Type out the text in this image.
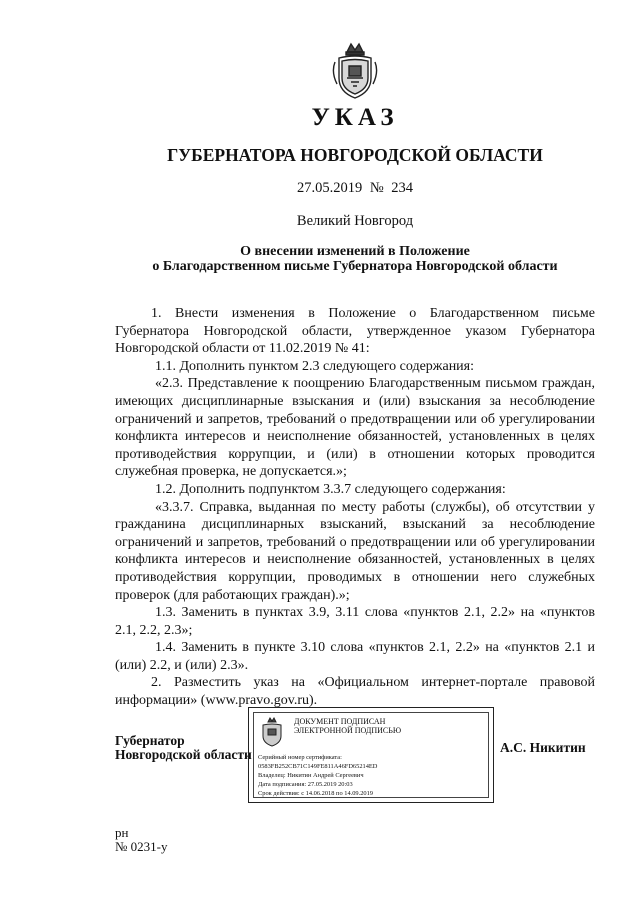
УКАЗ
ГУБЕРНАТОРА НОВГОРОДСКОЙ ОБЛАСТИ
27.05.2019 № 234
Великий Новгород
О внесении изменений в Положение
о Благодарственном письме Губернатора Новгородской области

1. Внести изменения в Положение о Благодарственном письме Губернатора Новгородской области, утвержденное указом Губернатора Новгородской области от 11.02.2019 № 41:

1.1. Дополнить пунктом 2.3 следующего содержания:

«2.3. Представление к поощрению Благодарственным письмом граждан, имеющих дисциплинарные взыскания и (или) взыскания за несоблюдение ограничений и запретов, требований о предотвращении или об урегулировании конфликта интересов и неисполнение обязанностей, установленных в целях противодействия коррупции, и (или) в отношении которых проводится служебная проверка, не допускается.»;

1.2. Дополнить подпунктом 3.3.7 следующего содержания:

«3.3.7. Справка, выданная по месту работы (службы), об отсутствии у гражданина дисциплинарных взысканий, взысканий за несоблюдение ограничений и запретов, требований о предотвращении или об урегулировании конфликта интересов и неисполнение обязанностей, установленных в целях противодействия коррупции, проводимых в отношении него служебных проверок (для работающих граждан).»;

1.3. Заменить в пунктах 3.9, 3.11 слова «пунктов 2.1, 2.2» на «пунктов 2.1, 2.2, 2.3»;

1.4. Заменить в пункте 3.10 слова «пунктов 2.1, 2.2» на «пунктов 2.1 и (или) 2.2, и (или) 2.3».

2. Разместить указ на «Официальном интернет-портале правовой информации» (www.pravo.gov.ru).

Губернатор
Новгородской области
ДОКУМЕНТ ПОДПИСАН
ЭЛЕКТРОННОЙ ПОДПИСЬЮ
Серийный номер сертификата:
0583FB252CB71C149FE811A46FD65214ED
Владелец: Никитин Андрей Сергеевич
Дата подписания: 27.05.2019 20:03
Срок действия: с 14.06.2018 по 14.09.2019
А.С. Никитин
рн
№ 0231-у
